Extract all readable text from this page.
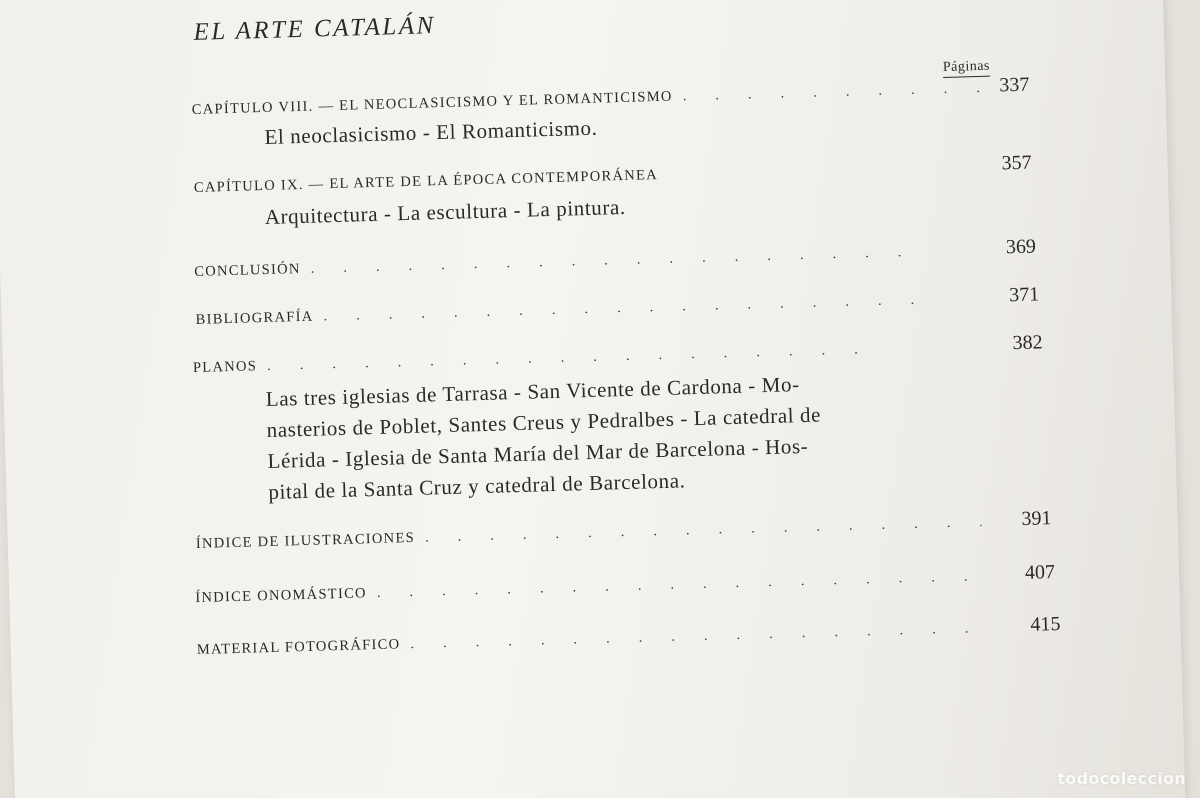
EL ARTE CATALÁN
Páginas
CAPÍTULO VIII. — EL NEOCLASICISMO Y EL ROMANTICISMO
.
337
El neoclasicismo - El Romanticismo.
CAPÍTULO IX. — EL ARTE DE LA ÉPOCA CONTEMPORÁNEA
357
Arquitectura - La escultura - La pintura.
CONCLUSIÓN
.
369
BIBLIOGRAFÍA
.
371
PLANOS
.
382
Las tres iglesias de Tarrasa - San Vicente de Cardona - Mo-
nasterios de Poblet, Santes Creus y Pedralbes - La catedral de
Lérida - Iglesia de Santa María del Mar de Barcelona - Hos-
pital de la Santa Cruz y catedral de Barcelona.
ÍNDICE DE ILUSTRACIONES
.
391
ÍNDICE ONOMÁSTICO
.
407
MATERIAL FOTOGRÁFICO
.
415
todocoleccion
